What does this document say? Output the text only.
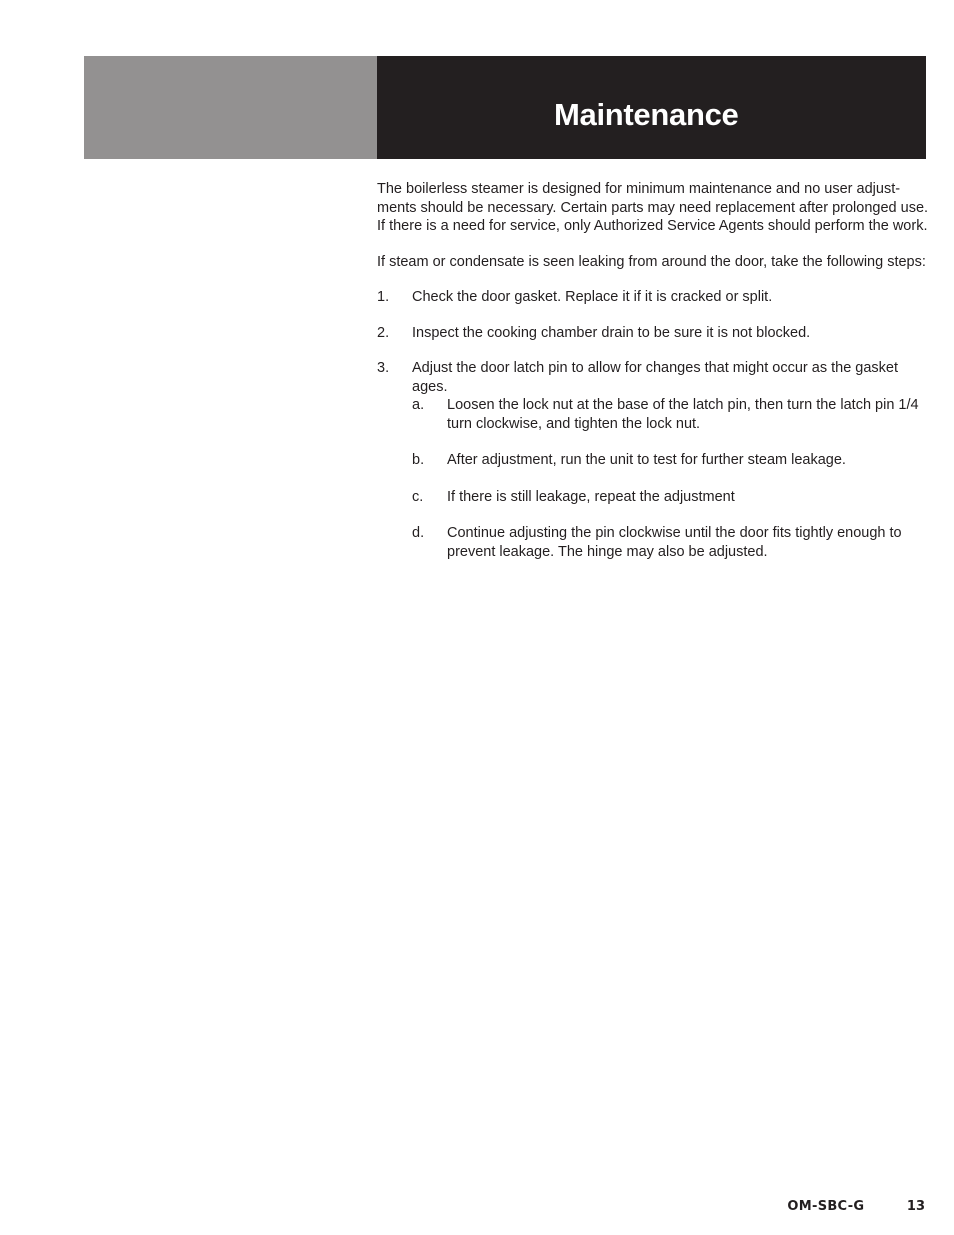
Maintenance

The boilerless steamer is designed for minimum maintenance and no user adjust-ments should be necessary. Certain parts may need replacement after prolonged use. If there is a need for service, only Authorized Service Agents should perform the work.

If steam or condensate is seen leaking from around the door, take the following steps:

1. Check the door gasket. Replace it if it is cracked or split.
2. Inspect the cooking chamber drain to be sure it is not blocked.
3. Adjust the door latch pin to allow for changes that might occur as the gasket ages.
a. Loosen the lock nut at the base of the latch pin, then turn the latch pin 1/4 turn clockwise, and tighten the lock nut.
b. After adjustment, run the unit to test for further steam leakage.
c. If there is still leakage, repeat the adjustment
d. Continue adjusting the pin clockwise until the door fits tightly enough to prevent leakage. The hinge may also be adjusted.
OM-SBC-G	13
